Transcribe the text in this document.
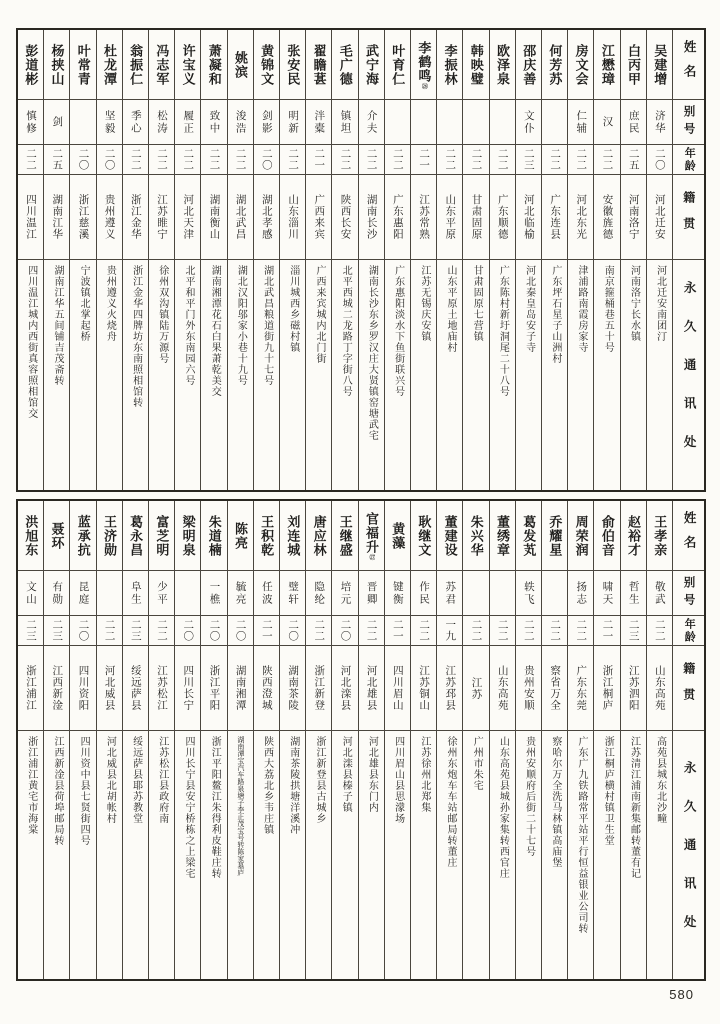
姓名
别号
年龄
籍贯
永久通讯处
吴建增
济华
二〇
河北迁安
河北迁安南团汀
白丙甲
庶民
二五
河南洛宁
河南洛宁长水镇
江懋璋
汉
二二
安徽旌德
南京箍桶巷五十号
房文会
仁辅
二二
河北东光
津浦路南霞房家寺
何芳苏
二二
广东连县
广东坪石星子山洲村
邵庆善
文仆
二三
河北临榆
河北秦皇岛安子寺
欧泽泉
二二
广东顺德
广东陈村新圩洞尾二十八号
韩映璧
二二
甘肃固原
甘肃固原七营镇
李振林
二二
山东平原
山东平原土地庙村
李鹤鸣㉖
二一
江苏常熟
江苏无锡庆安镇
叶育仁
二二
广东惠阳
广东惠阳淡水下鱼街联兴号
武宁海
介夫
二二
湖南长沙
湖南长沙东乡罗汉庄大贤镇窑塘武宅
毛广德
镇坦
二二
陕西长安
北平西城二龙路丁字街八号
翟瞻葚
泮橐
二一
广西来宾
广西来宾城内北门街
张安民
明新
二二
山东淄川
淄川城西乡磁村镇
黄锦文
剑影
二〇
湖北孝感
湖北武昌粮道街九十七号
姚滨
浚浩
二二
湖北武昌
湖北汉阳邬家小巷十九号
萧凝和
致中
二二
湖南衡山
湖南湘潭花石白果萧乾美交
许宝义
履正
二二
河北天津
北平和平门外东南园六号
冯志军
松涛
二二
江苏睢宁
徐州双沟镇陆万源号
翁振仁
季心
二二
浙江金华
浙江金华四牌坊东南照相馆转
杜龙潭
坚毅
二〇
贵州遵义
贵州遵义火烧舟
叶常青
二〇
浙江慈溪
宁波镇北掌起桥
杨挟山
剑
二五
湖南江华
湖南江华五间铺吉茂斋转
彭道彬
慎修
二二
四川温江
四川温江城内西街真容照相馆交
姓名
别号
年龄
籍贯
永久通讯处
王孝亲
敬武
二二
山东高苑
高苑县城东北沙疃
赵裕才
哲生
二三
江苏泗阳
江苏清江浦南新集邮转董有记
俞伯音
啸天
二一
浙江桐庐
浙江桐庐横村镇卫生堂
周荣润
扬志
二二
广东东莞
广东广九铁路常平站平行恒益银业公司转
乔耀星
二二
察省万全
察哈尔万全洗马林镇高庙堡
葛发芄
轶飞
二二
贵州安顺
贵州安顺府后街二十七号
董绣章
二二
山东高苑
山东高苑县城孙家集转西官庄
朱兴华
二二
江苏
广州市朱宅
董建设
苏君
一九
江苏邳县
徐州东炮车车站邮局转董庄
耿继文
作民
二二
江苏铜山
江苏徐州北郑集
黄藻
键衡
二一
四川眉山
四川眉山县思濛场
官福升㉗
晋卿
二二
河北雄县
河北雄县东门内
王继盛
培元
二〇
河北滦县
河北滦县榛子镇
唐应林
隐纶
二二
浙江新登
浙江新登县古城乡
刘连城
璧轩
二〇
湖南茶陵
湖南茶陵拱塘洋溪冲
王积乾
任波
二一
陕西澄城
陕西大荔北乡韦庄镇
陈亮
毓亮
二〇
湖南湘潭
湖南潭宝汽车路泉塘子李正茂宝号转陈家墓庐
朱道楠
一樵
二〇
浙江平阳
浙江平阳鳌江朱得利皮鞋庄转
梁明泉
二〇
四川长宁
四川长宁县安宁桥栋之上梁宅
富芝明
少平
二二
江苏松江
江苏松江县政府南
葛永昌
阜生
二三
绥远萨县
绥远萨县耶苏教堂
王济勋
二二
河北威县
河北威县北胡帐村
蓝承抗
昆庭
二〇
四川资阳
四川资中县七贤街四号
聂环
有勋
二三
江西新淦
江西新淦县荷埠邮局转
洪旭东
文山
二三
浙江浦江
浙江浦江黄宅市海棠
580
